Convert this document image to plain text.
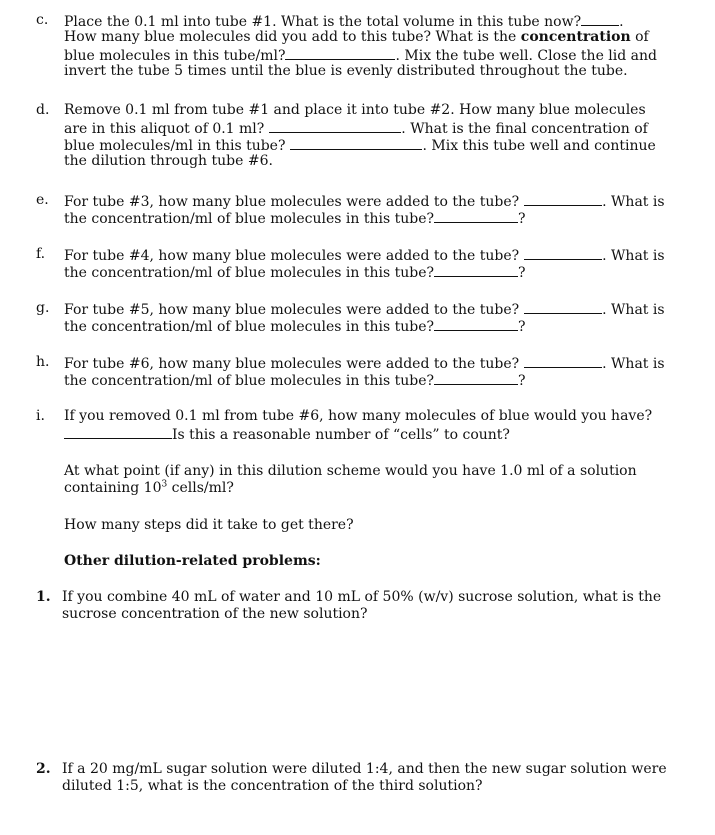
c. Place the 0.1 ml into tube #1. What is the total volume in this tube now?	.
How many blue molecules did you add to this tube? What is the concentration of
blue molecules in this tube/ml?	. Mix the tube well. Close the lid and
invert the tube 5 times until the blue is evenly distributed throughout the tube.
d. Remove 0.1 ml from tube #1 and place it into tube #2. How many blue molecules
are in this aliquot of 0.1 ml?	. What is the final concentration of
blue molecules/ml in this tube?	. Mix this tube well and continue
the dilution through tube #6.
e. For tube #3, how many blue molecules were added to the tube?	. What is
the concentration/ml of blue molecules in this tube?	?
f. For tube #4, how many blue molecules were added to the tube?	. What is
the concentration/ml of blue molecules in this tube?	?
g. For tube #5, how many blue molecules were added to the tube?	. What is
the concentration/ml of blue molecules in this tube?	?
h. For tube #6, how many blue molecules were added to the tube?	. What is
the concentration/ml of blue molecules in this tube?	?
i. If you removed 0.1 ml from tube #6, how many molecules of blue would you have?
Is this a reasonable number of “cells” to count?
At what point (if any) in this dilution scheme would you have 1.0 ml of a solution
containing $10^3$ cells/ml?
How many steps did it take to get there?
Other dilution-related problems:
1. If you combine 40 mL of water and 10 mL of 50% (w/v) sucrose solution, what is the
sucrose concentration of the new solution?
2. If a 20 mg/mL sugar solution were diluted 1:4, and then the new sugar solution were
diluted 1:5, what is the concentration of the third solution?
